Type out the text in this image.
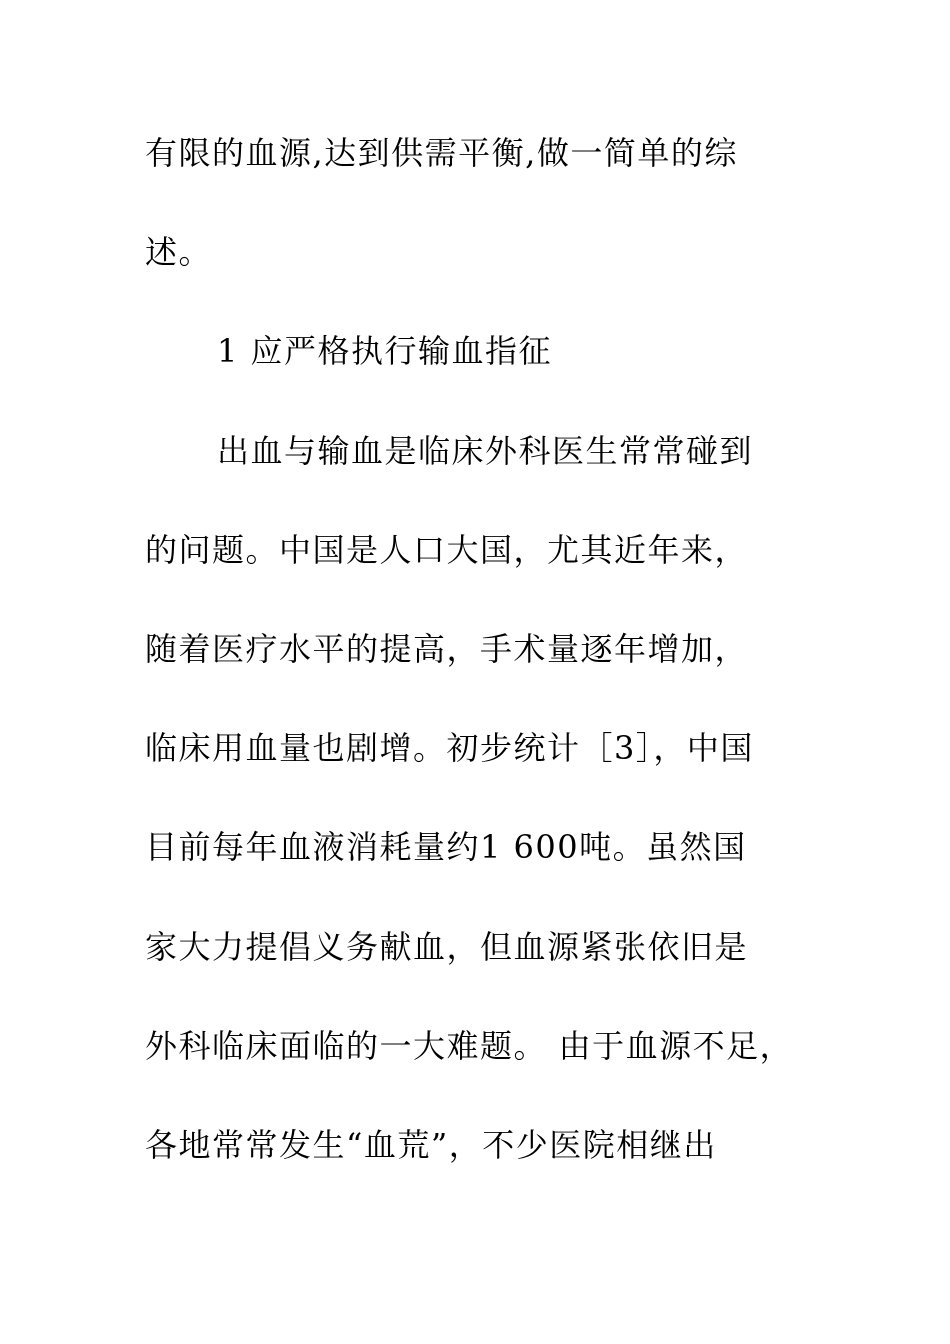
有限的血源,达到供需平衡,做一简单的综
述。
1 应严格执行输血指征
出血与输血是临床外科医生常常碰到
的问题。中国是人口大国，尤其近年来，
随着医疗水平的提高，手术量逐年增加，
临床用血量也剧增。初步统计［3］，中国
目前每年血液消耗量约1 600吨。虽然国
家大力提倡义务献血，但血源紧张依旧是
外科临床面临的一大难题。 由于血源不足，
各地常常发生“血荒”，不少医院相继出
